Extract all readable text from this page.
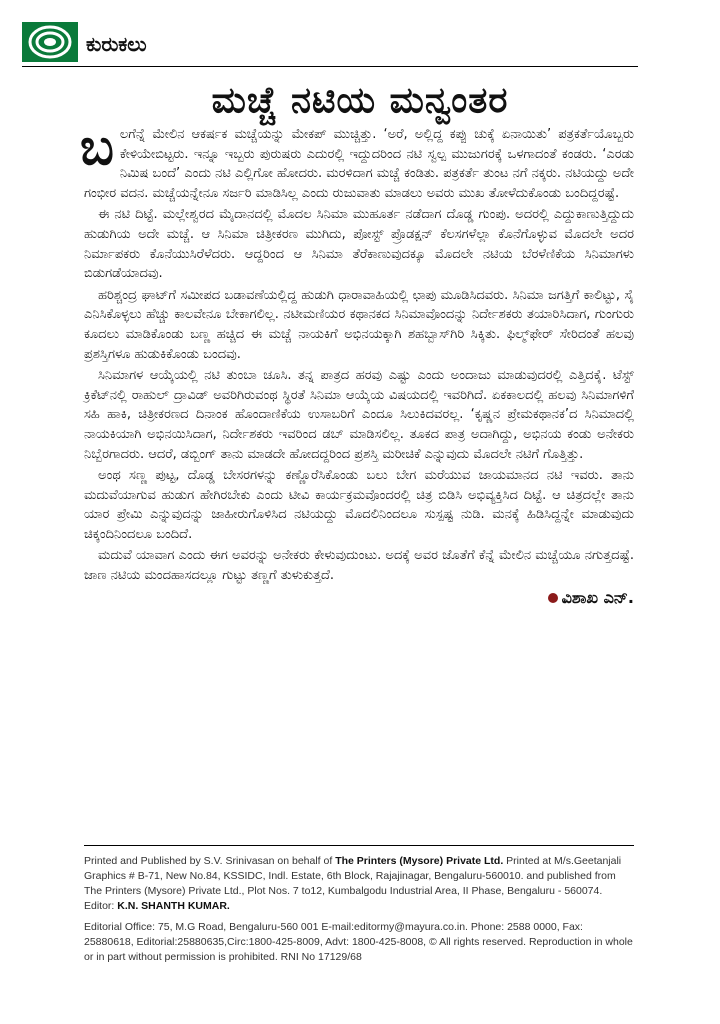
ಕುರುಕಲು
ಮಚ್ಚೆ ನಟಿಯ ಮನ್ವಂತರ

ಬಲಗೆನ್ನೆ ಮೇಲಿನ ಆಕರ್ಷಕ ಮಚ್ಚೆಯನ್ನು ಮೇಕಪ್ ಮುಚ್ಚಿತ್ತು. ‘ಅರೆ, ಅಲ್ಲಿದ್ದ ಕಪ್ಪು ಚುಕ್ಕೆ ಏನಾಯಿತು’ ಪತ್ರಕರ್ತೆಯೊಬ್ಬರು ಕೇಳಿಯೇಬಿಟ್ಟರು. ಇನ್ನೂ ಇಬ್ಬರು ಪುರುಷರು ಎದುರಲ್ಲಿ ಇದ್ದುದರಿಂದ ನಟಿ ಸ್ವಲ್ಪ ಮುಜುಗರಕ್ಕೆ ಒಳಗಾದಂತೆ ಕಂಡರು. ‘ಎರಡು ನಿಮಿಷ ಬಂದೆ’ ಎಂದು ನಟಿ ಎಲ್ಲಿಗೋ ಹೋದರು. ಮರಳಿದಾಗ ಮಚ್ಚೆ ಕಂಡಿತು. ಪತ್ರಕರ್ತೆ ತುಂಟ ನಗೆ ನಕ್ಕರು. ನಟಿಯದ್ದು ಅದೇ ಗಂಭೀರ ವದನ. ಮಚ್ಚೆಯನ್ನೇನೂ ಸರ್ಜರಿ ಮಾಡಿಸಿಲ್ಲ ಎಂದು ರುಜುವಾತು ಮಾಡಲು ಅವರು ಮುಖ ತೋಳೆದುಕೊಂಡು ಬಂದಿದ್ದರಷ್ಟೆ.

ಈ ನಟಿ ದಿಟ್ಟೆ. ಮಲ್ಲೇಶ್ವರದ ಮೈದಾನದಲ್ಲಿ ಮೊದಲ ಸಿನಿಮಾ ಮುಹೂರ್ತ ನಡೆದಾಗ ದೊಡ್ಡ ಗುಂಪು. ಅದರಲ್ಲಿ ಎದ್ದುಕಾಣುತ್ತಿದ್ದುದು ಹುಡುಗಿಯ ಅದೇ ಮಚ್ಚೆ. ಆ ಸಿನಿಮಾ ಚಿತ್ರೀಕರಣ ಮುಗಿದು, ಪೋಸ್ಟ್ ಪ್ರೊಡಕ್ಷನ್ ಕೆಲಸಗಳೆಲ್ಲಾ ಕೊನೆಗೊಳ್ಳುವ ಮೊದಲೇ ಅದರ ನಿರ್ಮಾಪಕರು ಕೊನೆಯುಸಿರೆಳೆದರು. ಆದ್ದರಿಂದ ಆ ಸಿನಿಮಾ ತೆರೆಕಾಣುವುದಕ್ಕೂ ಮೊದಲೇ ನಟಿಯ ಬೆರಳೆಣಿಕೆಯ ಸಿನಿಮಾಗಳು ಬಿಡುಗಡೆಯಾದವು.

ಹರಿಶ್ಚಂದ್ರ ಘಾಟ್‌ಗೆ ಸಮೀಪದ ಬಡಾವಣೆಯಲ್ಲಿದ್ದ ಹುಡುಗಿ ಧಾರಾವಾಹಿಯಲ್ಲಿ ಛಾಪು ಮೂಡಿಸಿದವರು. ಸಿನಿಮಾ ಜಗತ್ತಿಗೆ ಕಾಲಿಟ್ಟು, ಸೈ ಎನಿಸಿಕೊಳ್ಳಲು ಹೆಚ್ಚು ಕಾಲವೇನೂ ಬೇಕಾಗಲಿಲ್ಲ. ನಟೀಮಣಿಯರ ಕಥಾನಕದ ಸಿನಿಮಾವೊಂದನ್ನು ನಿರ್ದೇಶಕರು ತಯಾರಿಸಿದಾಗ, ಗುಂಗುರು ಕೂದಲು ಮಾಡಿಕೊಂಡು ಬಣ್ಣ ಹಚ್ಚಿದ ಈ ಮಚ್ಚೆ ನಾಯಕಿಗೆ ಅಭಿನಯಕ್ಕಾಗಿ ಶಹಬ್ಬಾಸ್‌ಗಿರಿ ಸಿಕ್ಕಿತು. ಫಿಲ್ಮ್‌ಫೇರ್ ಸೇರಿದಂತೆ ಹಲವು ಪ್ರಶಸ್ತಿಗಳೂ ಹುಡುಕಿಕೊಂಡು ಬಂದವು.

ಸಿನಿಮಾಗಳ ಆಯ್ಕೆಯಲ್ಲಿ ನಟಿ ತುಂಬಾ ಚೂಸಿ. ತನ್ನ ಪಾತ್ರದ ಹರವು ಎಷ್ಟು ಎಂದು ಅಂದಾಜು ಮಾಡುವುದರಲ್ಲಿ ಎತ್ತಿದಕೈ. ಟೆಸ್ಟ್ ಕ್ರಿಕೆಟ್‌ನಲ್ಲಿ ರಾಹುಲ್ ದ್ರಾವಿಡ್ ಅವರಿಗಿರುವಂಥ ಸ್ಥಿರತೆ ಸಿನಿಮಾ ಆಯ್ಕೆಯ ವಿಷಯದಲ್ಲಿ ಇವರಿಗಿದೆ. ಏಕಕಾಲದಲ್ಲಿ ಹಲವು ಸಿನಿಮಾಗಳಿಗೆ ಸಹಿ ಹಾಕಿ, ಚಿತ್ರೀಕರಣದ ದಿನಾಂಕ ಹೊಂದಾಣಿಕೆಯ ಉಸಾಬರಿಗೆ ಎಂದೂ ಸಿಲುಕಿದವರಲ್ಲ. ‘ಕೃಷ್ಣನ ಪ್ರೇಮಕಥಾನಕ’ದ ಸಿನಿಮಾದಲ್ಲಿ ನಾಯಕಿಯಾಗಿ ಅಭಿನಯಿಸಿದಾಗ, ನಿರ್ದೇಶಕರು ಇವರಿಂದ ಡಬ್ ಮಾಡಿಸಲಿಲ್ಲ. ತೂಕದ ಪಾತ್ರ ಅದಾಗಿದ್ದು, ಅಭಿನಯ ಕಂಡು ಅನೇಕರು ನಿಬ್ಬೆರಗಾದರು. ಆದರೆ, ಡಬ್ಬಿಂಗ್ ತಾನು ಮಾಡದೇ ಹೋದದ್ದರಿಂದ ಪ್ರಶಸ್ತಿ ಮರೀಚಿಕೆ ಎನ್ನುವುದು ಮೊದಲೇ ನಟಿಗೆ ಗೊತ್ತಿತ್ತು.

ಅಂಥ ಸಣ್ಣ ಪುಟ್ಟ, ದೊಡ್ಡ ಬೇಸರಗಳನ್ನು ಕಣ್ಣೊರೆಸಿಕೊಂಡು ಬಲು ಬೇಗ ಮರೆಯುವ ಜಾಯಮಾನದ ನಟಿ ಇವರು. ತಾನು ಮದುವೆಯಾಗುವ ಹುಡುಗ ಹೇಗಿರಬೇಕು ಎಂದು ಟೀವಿ ಕಾರ್ಯಕ್ರಮವೊಂದರಲ್ಲಿ ಚಿತ್ರ ಬಿಡಿಸಿ ಅಭಿವ್ಯಕ್ತಿಸಿದ ದಿಟ್ಟೆ. ಆ ಚಿತ್ರದಲ್ಲೇ ತಾನು ಯಾರ ಪ್ರೇಮಿ ಎನ್ನುವುದನ್ನು ಜಾಹೀರುಗೊಳಿಸಿದ ನಟಿಯದ್ದು ಮೊದಲಿನಿಂದಲೂ ಸುಸ್ಪಷ್ಟ ನುಡಿ. ಮನಕ್ಕೆ ಹಿಡಿಸಿದ್ದನ್ನೇ ಮಾಡುವುದು ಚಿಕ್ಕಂದಿನಿಂದಲೂ ಬಂದಿದೆ.

ಮದುವೆ ಯಾವಾಗ ಎಂದು ಈಗ ಅವರನ್ನು ಅನೇಕರು ಕೇಳುವುದುಂಟು. ಅದಕ್ಕೆ ಅವರ ಜೊತೆಗೆ ಕೆನ್ನೆ ಮೇಲಿನ ಮಚ್ಚೆಯೂ ನಗುತ್ತದಷ್ಟೆ. ಜಾಣ ನಟಿಯ ಮಂದಹಾಸದಲ್ಲೂ ಗುಟ್ಟು ತಣ್ಣಗೆ ತುಳುಕುತ್ತದೆ.

ವಿಶಾಖ ಎನ್.

Printed and Published by S.V. Srinivasan on behalf of The Printers (Mysore) Private Ltd. Printed at M/s.Geetanjali Graphics # B-71, New No.84, KSSIDC, Indl. Estate, 6th Block, Rajajinagar, Bengaluru-560010. and published from The Printers (Mysore) Private Ltd., Plot Nos. 7 to12, Kumbalgodu Industrial Area, II Phase, Bengaluru - 560074. Editor: K.N. SHANTH KUMAR.

Editorial Office: 75, M.G Road, Bengaluru-560 001 E-mail:editormy@mayura.co.in. Phone: 2588 0000, Fax: 25880618, Editorial:25880635,Circ:1800-425-8009, Advt: 1800-425-8008, © All rights reserved. Reproduction in whole or in part without permission is prohibited. RNI No 17129/68
